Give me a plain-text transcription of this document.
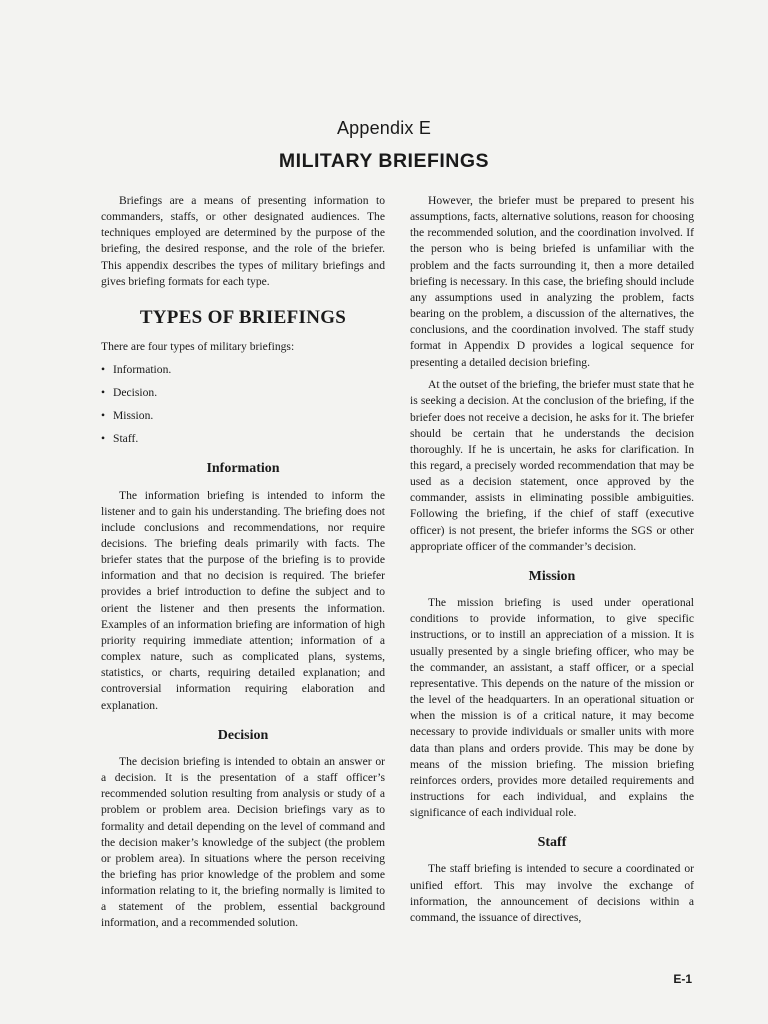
Appendix E
MILITARY BRIEFINGS

Briefings are a means of presenting information to commanders, staffs, or other designated audiences. The techniques employed are determined by the purpose of the briefing, the desired response, and the role of the briefer. This appendix describes the types of military briefings and gives briefing formats for each type.

TYPES OF BRIEFINGS

There are four types of military briefings:

• Information.
• Decision.
• Mission.
• Staff.
Information

The information briefing is intended to inform the listener and to gain his understanding. The briefing does not include conclusions and recommendations, nor require decisions. The briefing deals primarily with facts. The briefer states that the purpose of the briefing is to provide information and that no decision is required. The briefer provides a brief introduction to define the subject and to orient the listener and then presents the information. Examples of an information briefing are information of high priority requiring immediate attention; information of a complex nature, such as complicated plans, systems, statistics, or charts, requiring detailed explanation; and controversial information requiring elaboration and explanation.

Decision

The decision briefing is intended to obtain an answer or a decision. It is the presentation of a staff officer’s recommended solution resulting from analysis or study of a problem or problem area. Decision briefings vary as to formality and detail depending on the level of command and the decision maker’s knowledge of the subject (the problem or problem area). In situations where the person receiving the briefing has prior knowledge of the problem and some information relating to it, the briefing normally is limited to a statement of the problem, essential background information, and a recommended solution.

However, the briefer must be prepared to present his assumptions, facts, alternative solutions, reason for choosing the recommended solution, and the coordination involved. If the person who is being briefed is unfamiliar with the problem and the facts surrounding it, then a more detailed briefing is necessary. In this case, the briefing should include any assumptions used in analyzing the problem, facts bearing on the problem, a discussion of the alternatives, the conclusions, and the coordination involved. The staff study format in Appendix D provides a logical sequence for presenting a detailed decision briefing.

At the outset of the briefing, the briefer must state that he is seeking a decision. At the conclusion of the briefing, if the briefer does not receive a decision, he asks for it. The briefer should be certain that he understands the decision thoroughly. If he is uncertain, he asks for clarification. In this regard, a precisely worded recommendation that may be used as a decision statement, once approved by the commander, assists in eliminating possible ambiguities. Following the briefing, if the chief of staff (executive officer) is not present, the briefer informs the SGS or other appropriate officer of the commander’s decision.

Mission

The mission briefing is used under operational conditions to provide information, to give specific instructions, or to instill an appreciation of a mission. It is usually presented by a single briefing officer, who may be the commander, an assistant, a staff officer, or a special representative. This depends on the nature of the mission or the level of the headquarters. In an operational situation or when the mission is of a critical nature, it may become necessary to provide individuals or smaller units with more data than plans and orders provide. This may be done by means of the mission briefing. The mission briefing reinforces orders, provides more detailed requirements and instructions for each individual, and explains the significance of each individual role.

Staff

The staff briefing is intended to secure a coordinated or unified effort. This may involve the exchange of information, the announcement of decisions within a command, the issuance of directives,

E-1
